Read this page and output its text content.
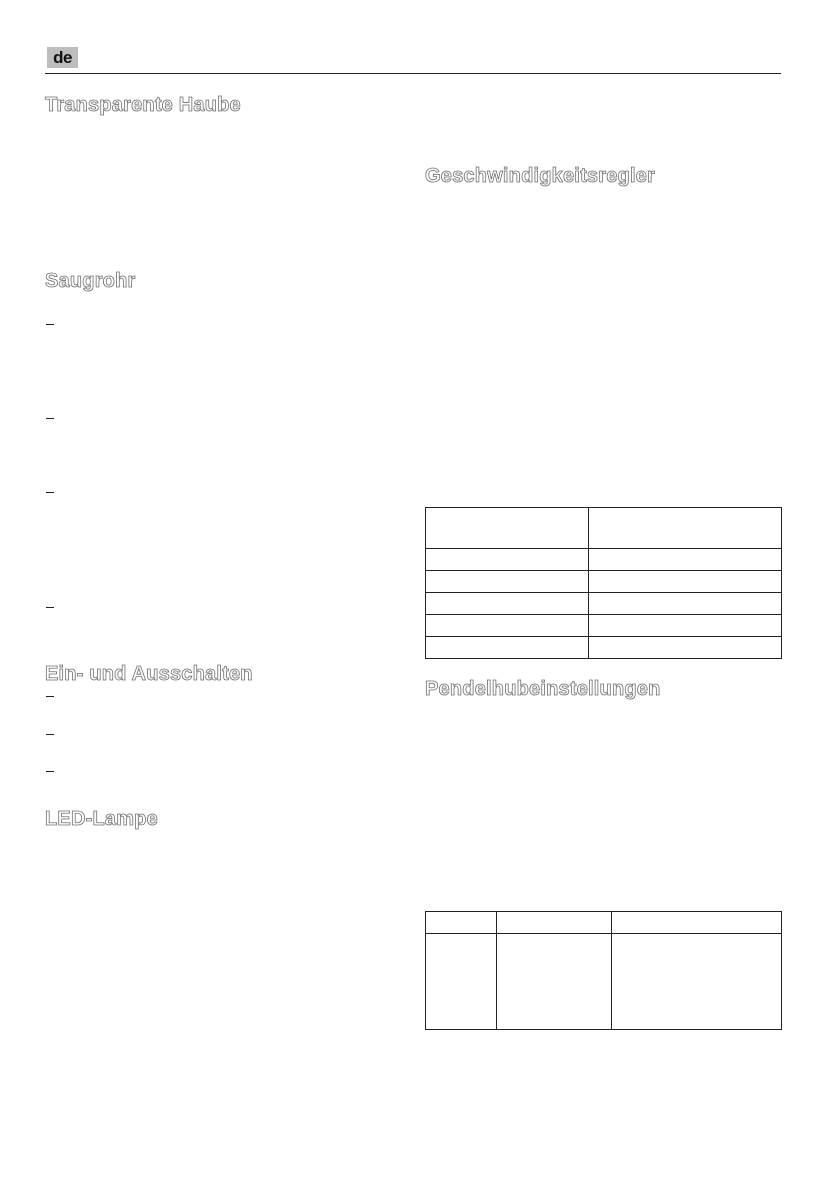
de
Transparente Haube
Saugrohr
Ein- und Ausschalten
LED-Lampe
Geschwindigkeitsregler

Pendelhubeinstellungen
